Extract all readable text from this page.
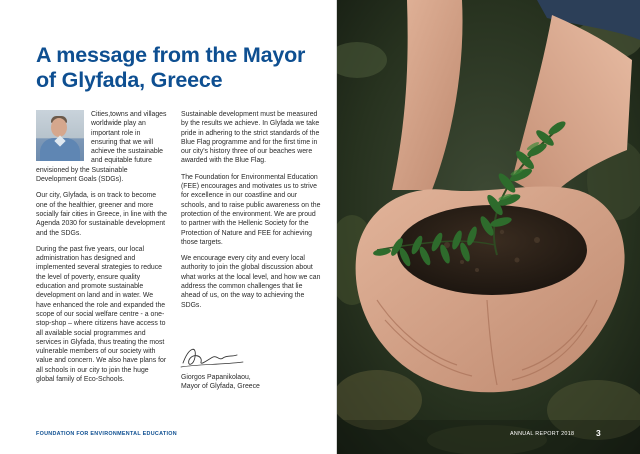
A message from the Mayor of Glyfada, Greece

Cities,towns and villages worldwide play an important role in ensuring that we will achieve the sustainable and equitable future envisioned by the Sustainable Development Goals (SDGs).

Our city, Glyfada, is on track to become one of the healthier, greener and more socially fair cities in Greece, in line with the Agenda 2030 for sustainable development and the SDGs.

During the past five years, our local administration has designed and implemented several strategies to reduce the level of poverty, ensure quality education and promote sustainable development on land and in water. We have enhanced the role and expanded the scope of our social welfare centre - a one-stop-shop – where citizens have access to all available social programmes and services in Glyfada, thus treating the most vulnerable members of our society with value and concern. We also have plans for all schools in our city to join the huge global family of Eco-Schools.

Sustainable development must be measured by the results we achieve. In Glyfada we take pride in adhering to the strict standards of the Blue Flag programme and for the first time in our city's history three of our beaches were awarded with the Blue Flag.

The Foundation for Environmental Education (FEE) encourages and motivates us to strive for excellence in our coastline and our schools, and to raise public awareness on the protection of the environment. We are proud to partner with the Hellenic Society for the Protection of Nature and FEE for achieving those targets.

We encourage every city and every local authority to join the global discussion about what works at the local level, and how we can address the common challenges that lie ahead of us, on the way to achieving the SDGs.

Giorgos Papanikolaou,
Mayor of Glyfada, Greece
FOUNDATION FOR ENVIRONMENTAL EDUCATION	ANNUAL REPORT 2018	3
